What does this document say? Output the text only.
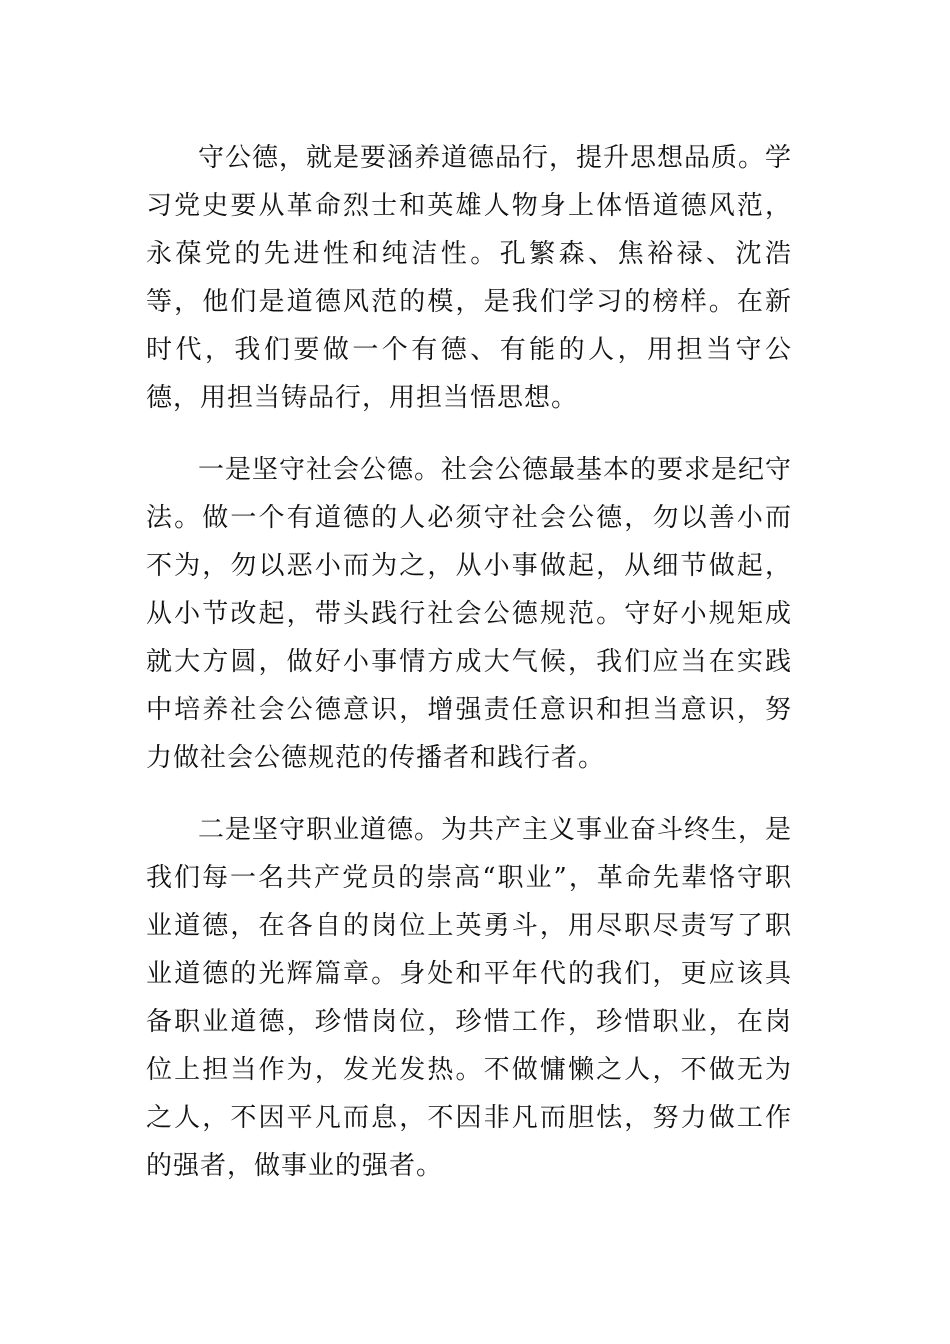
守公德，就是要涵养道德品行，提升思想品质。学习党史要从革命烈士和英雄人物身上体悟道德风范，永葆党的先进性和纯洁性。孔繁森、焦裕禄、沈浩等，他们是道德风范的模，是我们学习的榜样。在新时代，我们要做一个有德、有能的人，用担当守公德，用担当铸品行，用担当悟思想。

一是坚守社会公德。社会公德最基本的要求是纪守法。做一个有道德的人必须守社会公德，勿以善小而不为，勿以恶小而为之，从小事做起，从细节做起，从小节改起，带头践行社会公德规范。守好小规矩成就大方圆，做好小事情方成大气候，我们应当在实践中培养社会公德意识，增强责任意识和担当意识，努力做社会公德规范的传播者和践行者。

二是坚守职业道德。为共产主义事业奋斗终生，是我们每一名共产党员的崇高“职业”，革命先辈恪守职业道德，在各自的岗位上英勇斗，用尽职尽责写了职业道德的光辉篇章。身处和平年代的我们，更应该具备职业道德，珍惜岗位，珍惜工作，珍惜职业，在岗位上担当作为，发光发热。不做慵懒之人，不做无为之人，不因平凡而息，不因非凡而胆怯，努力做工作的强者，做事业的强者。
